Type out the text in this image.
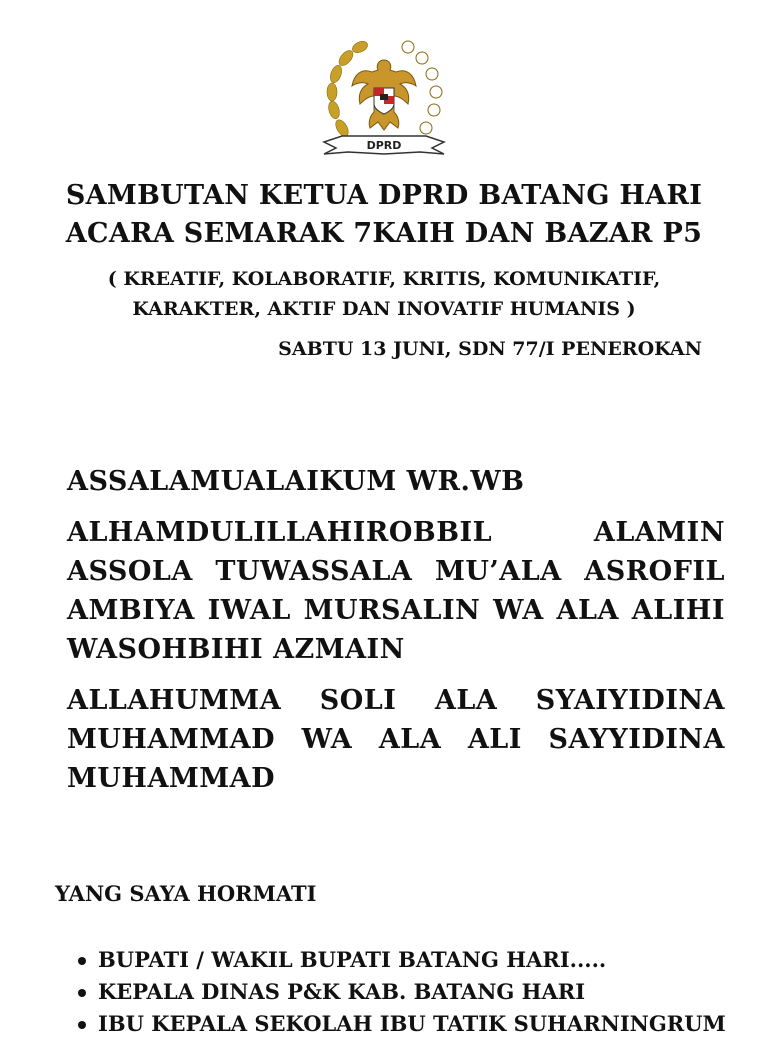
DPRD
SAMBUTAN KETUA DPRD BATANG HARI
ACARA SEMARAK 7KAIH DAN BAZAR P5
( KREATIF, KOLABORATIF, KRITIS, KOMUNIKATIF,
KARAKTER, AKTIF DAN INOVATIF HUMANIS )
SABTU 13 JUNI, SDN 77/I PENEROKAN
ASSALAMUALAIKUM WR.WB
ALHAMDULILLAHIROBBIL ALAMIN ASSOLA TUWASSALA MU’ALA ASROFIL AMBIYA IWAL MURSALIN WA ALA ALIHI WASOHBIHI AZMAIN
ALLAHUMMA SOLI ALA SYAIYIDINA MUHAMMAD WA ALA ALI SAYYIDINA MUHAMMAD
YANG SAYA HORMATI
BUPATI / WAKIL BUPATI BATANG HARI.....
KEPALA DINAS P&K KAB. BATANG HARI
IBU KEPALA SEKOLAH IBU TATIK SUHARNINGRUM
